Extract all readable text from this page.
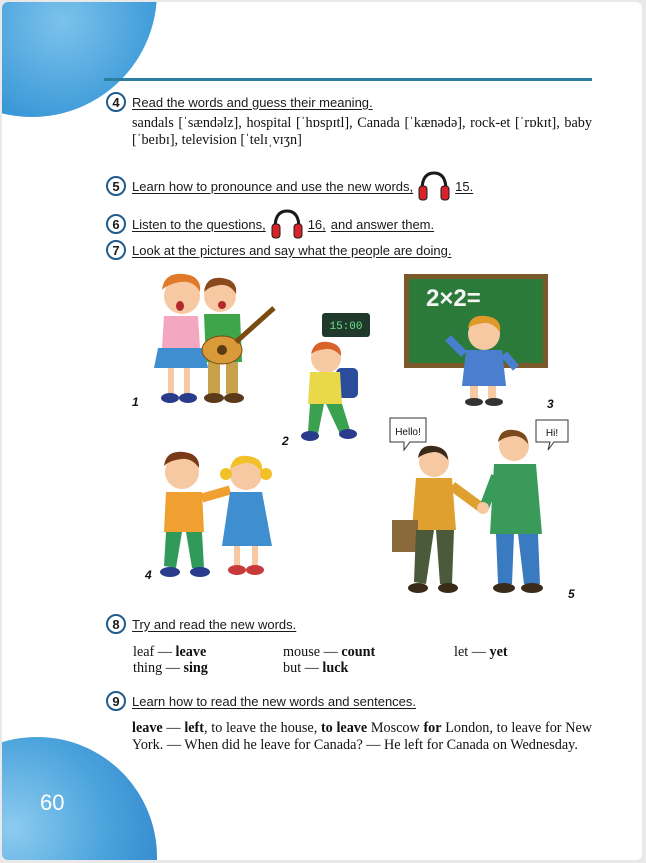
60
4 Read the words and guess their meaning.
sandals [ˈsændəlz], hospital [ˈhɒspɪtl], Canada [ˈkænədə], rock-et [ˈrɒkɪt], baby [ˈbeɪbɪ], television [ˈtelɪˌvɪʒn]
5 Learn how to pronounce and use the new words,	15.
6 Listen to the questions,	16, and answer them.
7 Look at the pictures and say what the people are doing.
15:00
2×2=
Hello!	Hi!
1
2
3
4
5
8 Try and read the new words.
leaf — leave	mouse — count	let — yet
thing — sing	but — luck
9 Learn how to read the new words and sentences.
leave — left, to leave the house, to leave Moscow for London, to leave for New York. — When did he leave for Canada? — He left for Canada on Wednesday.
